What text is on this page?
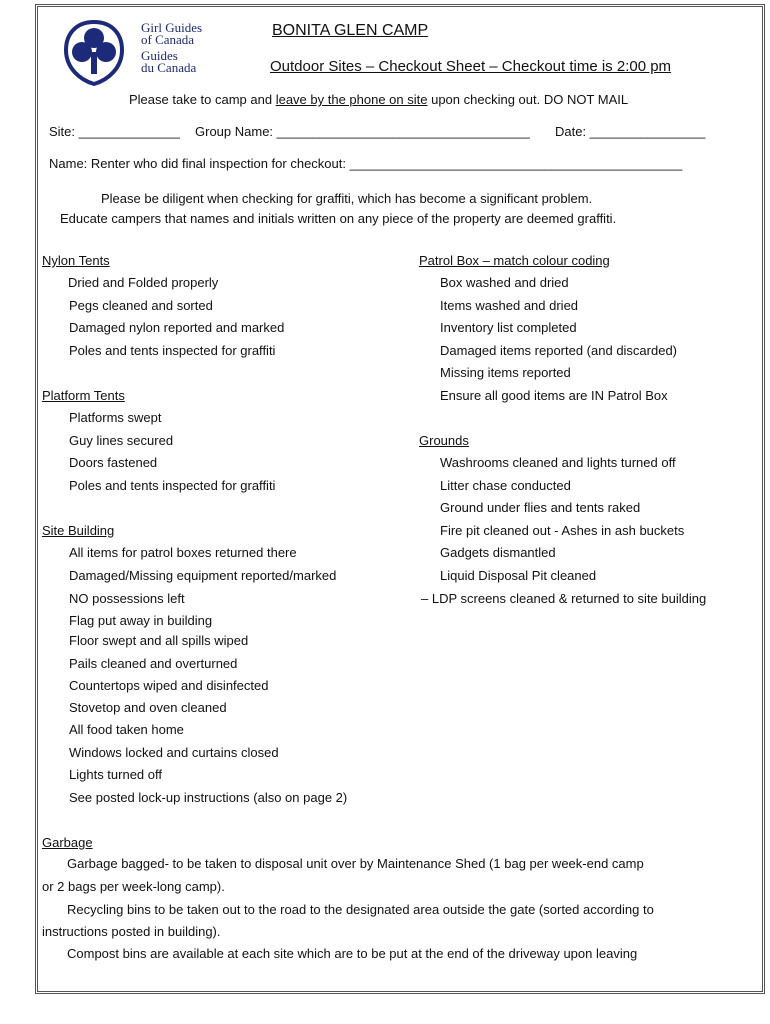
Girl Guides
of Canada
Guides
du Canada
BONITA GLEN CAMP
Outdoor Sites – Checkout Sheet – Checkout time is 2:00 pm
Please take to camp and leave by the phone on site upon checking out. DO NOT MAIL
Site: ______________ Group Name: ___________________________________ Date: ________________
Name: Renter who did final inspection for checkout: ______________________________________________
Please be diligent when checking for graffiti, which has become a significant problem.
Educate campers that names and initials written on any piece of the property are deemed graffiti.
Nylon Tents
Dried and Folded properly
Pegs cleaned and sorted
Damaged nylon reported and marked
Poles and tents inspected for graffiti
Platform Tents
Platforms swept
Guy lines secured
Doors fastened
Poles and tents inspected for graffiti
Site Building
All items for patrol boxes returned there
Damaged/Missing equipment reported/marked
NO possessions left
Flag put away in building
Floor swept and all spills wiped
Pails cleaned and overturned
Countertops wiped and disinfected
Stovetop and oven cleaned
All food taken home
Windows locked and curtains closed
Lights turned off
See posted lock-up instructions (also on page 2)
Patrol Box – match colour coding
Box washed and dried
Items washed and dried
Inventory list completed
Damaged items reported (and discarded)
Missing items reported
Ensure all good items are IN Patrol Box
Grounds
Washrooms cleaned and lights turned off
Litter chase conducted
Ground under flies and tents raked
Fire pit cleaned out - Ashes in ash buckets
Gadgets dismantled
Liquid Disposal Pit cleaned
– LDP screens cleaned & returned to site building
Garbage
Garbage bagged- to be taken to disposal unit over by Maintenance Shed (1 bag per week-end camp
or 2 bags per week-long camp).
Recycling bins to be taken out to the road to the designated area outside the gate (sorted according to
instructions posted in building).
Compost bins are available at each site which are to be put at the end of the driveway upon leaving
